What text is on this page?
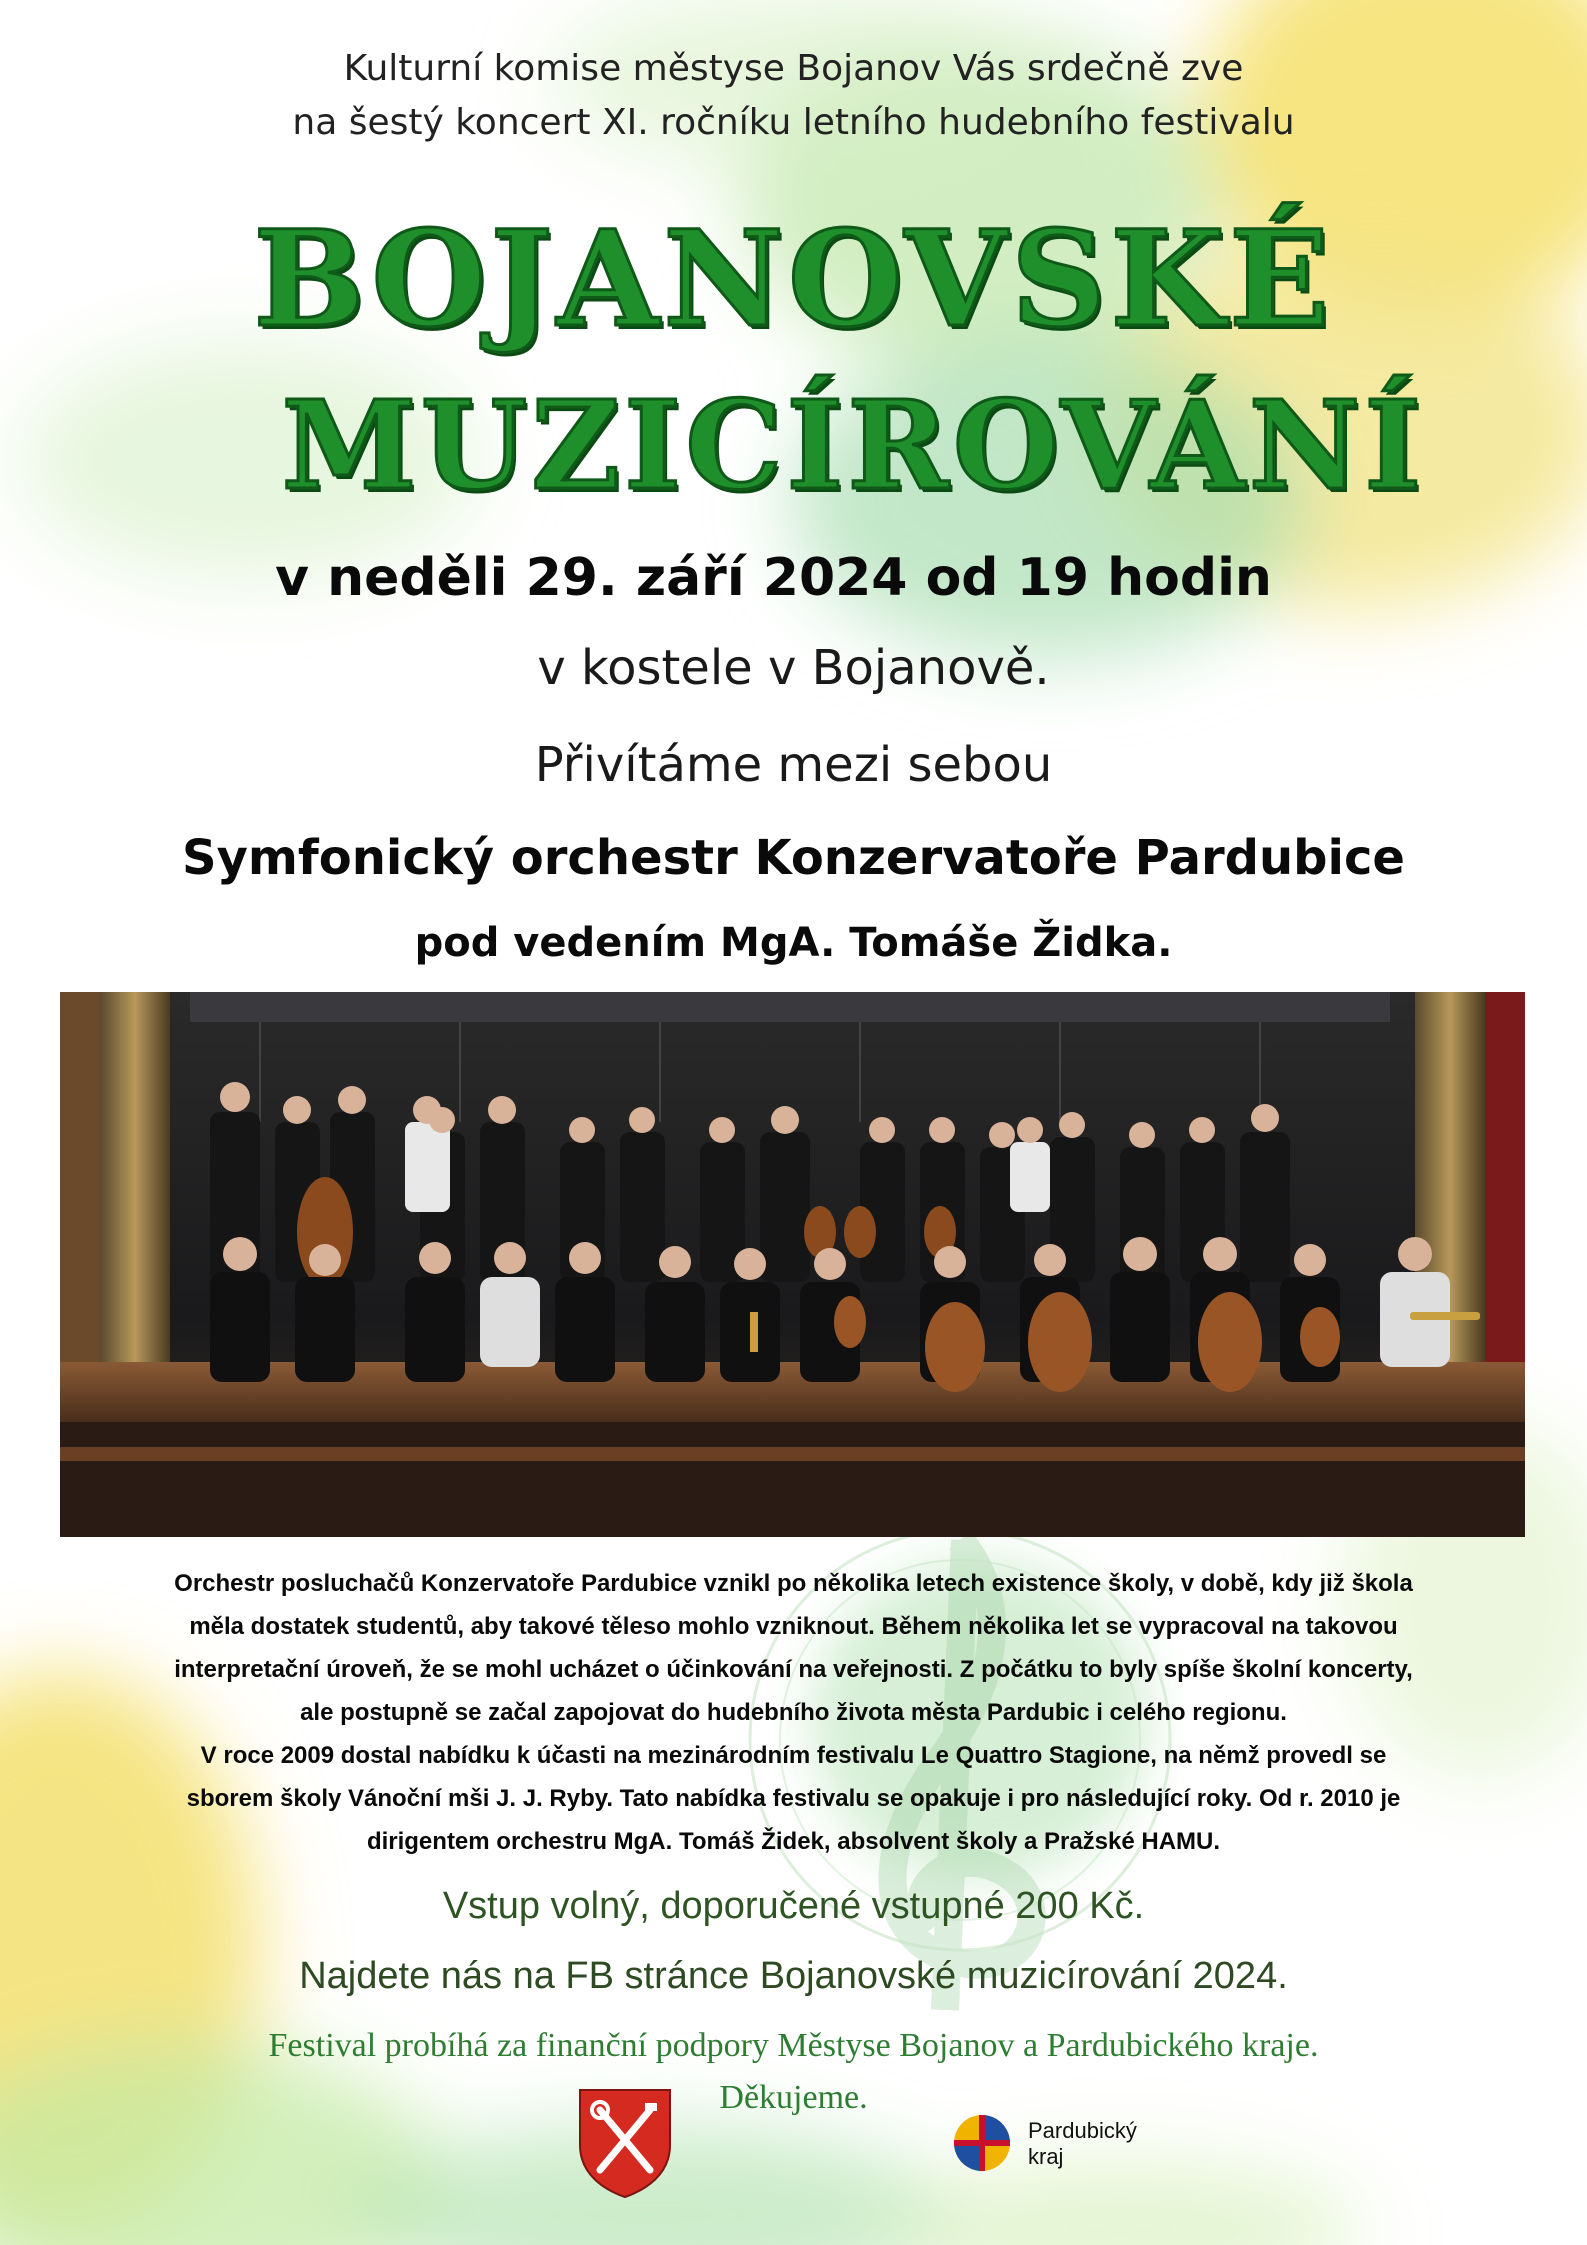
Kulturní komise městyse Bojanov Vás srdečně zve
na šestý koncert XI. ročníku letního hudebního festivalu
BOJANOVSKÉ
MUZICÍROVÁNÍ
v neděli 29. září 2024 od 19 hodin
v kostele v Bojanově.
Přivítáme mezi sebou
Symfonický orchestr Konzervatoře Pardubice
pod vedením MgA. Tomáše Židka.
Orchestr posluchačů Konzervatoře Pardubice vznikl po několika letech existence školy, v době, kdy již škola
měla dostatek studentů, aby takové těleso mohlo vzniknout. Během několika let se vypracoval na takovou
interpretační úroveň, že se mohl ucházet o účinkování na veřejnosti. Z počátku to byly spíše školní koncerty,
ale postupně se začal zapojovat do hudebního života města Pardubic i celého regionu.
V roce 2009 dostal nabídku k účasti na mezinárodním festivalu Le Quattro Stagione, na němž provedl se
sborem školy Vánoční mši J. J. Ryby. Tato nabídka festivalu se opakuje i pro následující roky. Od r. 2010 je
dirigentem orchestru MgA. Tomáš Židek, absolvent školy a Pražské HAMU.
Vstup volný, doporučené vstupné 200 Kč.
Najdete nás na FB stránce Bojanovské muzicírování 2024.
Festival probíhá za finanční podpory Městyse Bojanov a Pardubického kraje.
Děkujeme.
Pardubický
kraj
